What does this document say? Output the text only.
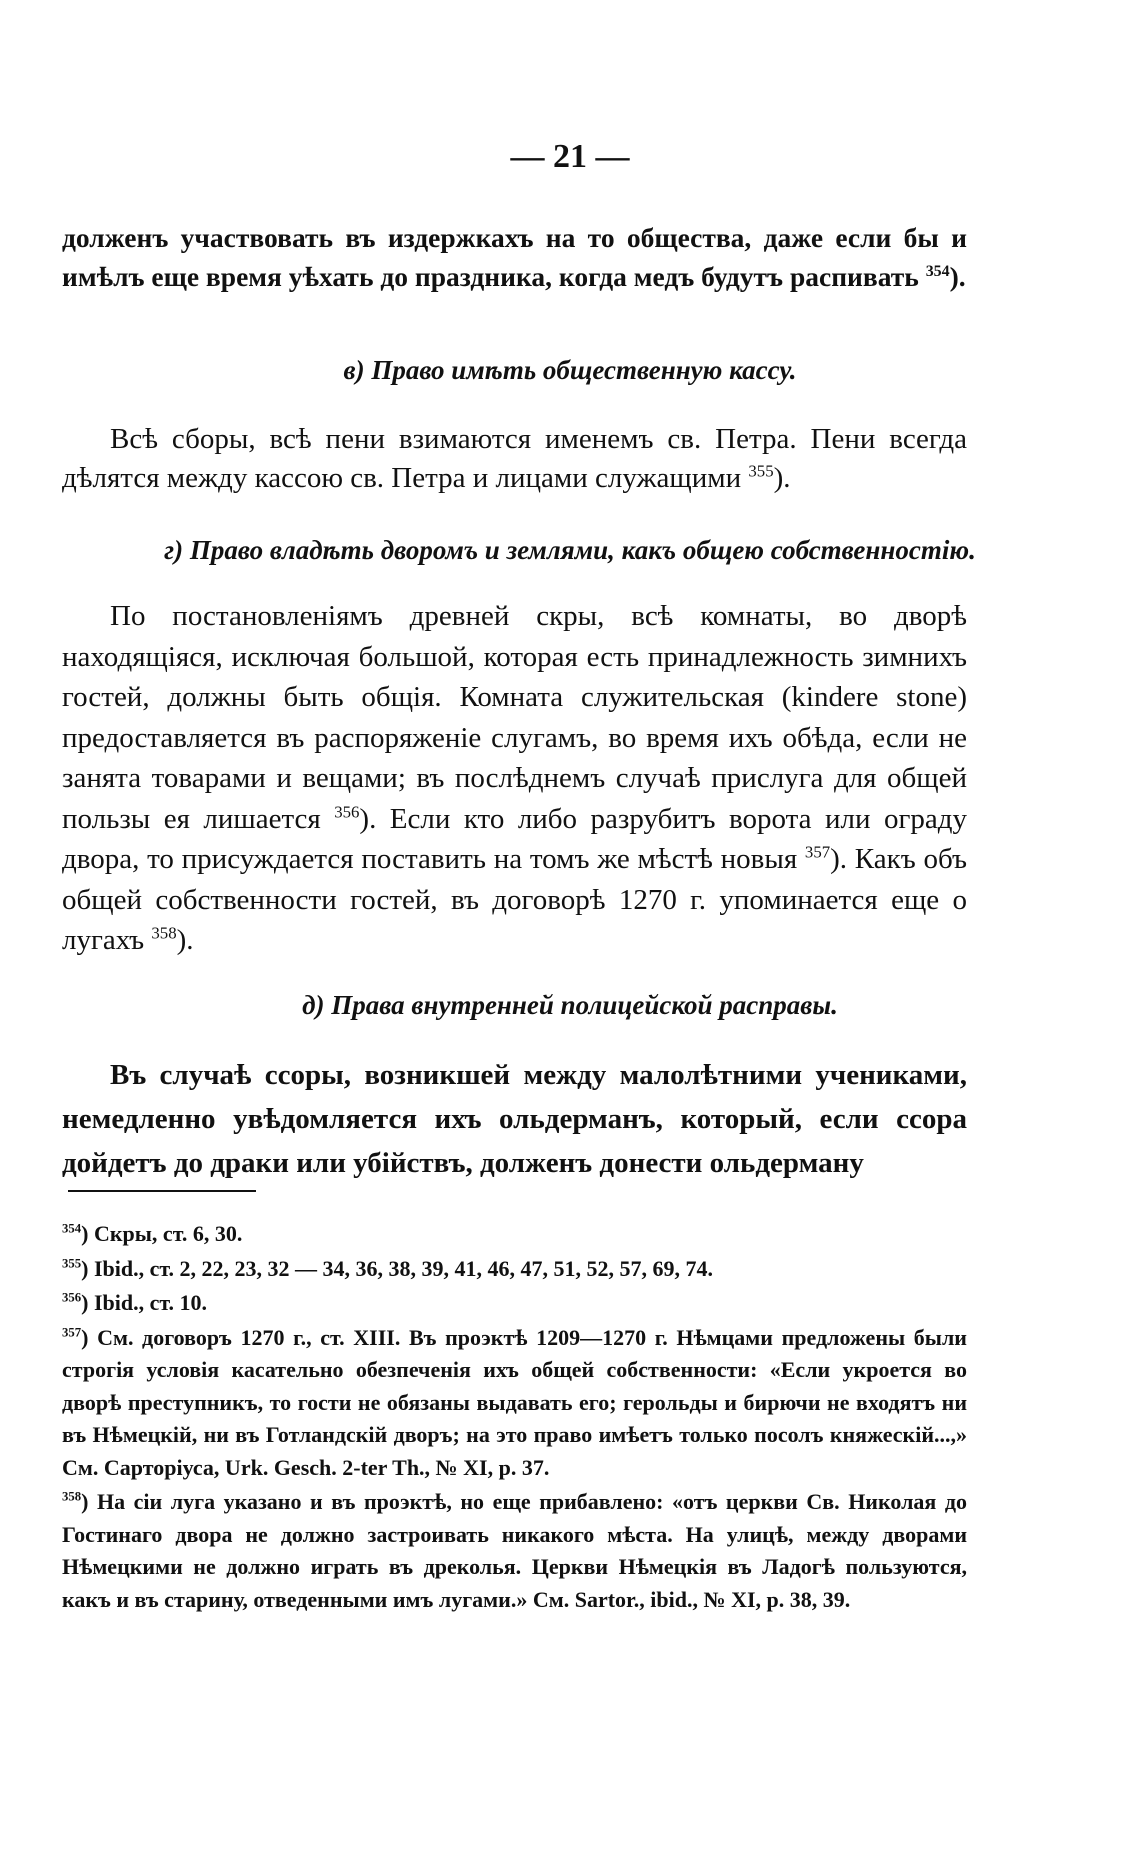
— 21 —

долженъ участвовать въ издержкахъ на то общества, даже если бы и имѣлъ еще время уѣхать до праздника, когда медъ будутъ распивать $^{354}$).

в) Право имѣть общественную кассу.

Всѣ сборы, всѣ пени взимаются именемъ св. Петра. Пени всегда дѣлятся между кассою св. Петра и лицами служащими $^{355}$).

г) Право владѣть дворомъ и землями, какъ общею собственностію.

По постановленіямъ древней скры, всѣ комнаты, во дворѣ находящіяся, исключая большой, которая есть принадлежность зимнихъ гостей, должны быть общія. Комната служительская (kindere stone) предоставляется въ распоряженіе слугамъ, во время ихъ обѣда, если не занята товарами и вещами; въ послѣднемъ случаѣ прислуга для общей пользы ея лишается $^{356}$). Если кто либо разрубитъ ворота или ограду двора, то присуждается поставить на томъ же мѣстѣ новыя $^{357}$). Какъ объ общей собственности гостей, въ договорѣ 1270 г. упоминается еще о лугахъ $^{358}$).

д) Права внутренней полицейской расправы.

Въ случаѣ ссоры, возникшей между малолѣтними учениками, немедленно увѣдомляется ихъ ольдерманъ, который, если ссора дойдетъ до драки или убійствъ, долженъ донести ольдерману

$^{354}$) Скры, ст. 6, 30.

$^{355}$) Ibid., ст. 2, 22, 23, 32 — 34, 36, 38, 39, 41, 46, 47, 51, 52, 57, 69, 74.

$^{356}$) Ibid., ст. 10.

$^{357}$) См. договоръ 1270 г., ст. XIII. Въ проэктѣ 1209—1270 г. Нѣмцами предложены были строгія условія касательно обезпеченія ихъ общей собственности: «Если укроется во дворѣ преступникъ, то гости не обязаны выдавать его; герольды и бирючи не входятъ ни въ Нѣмецкій, ни въ Готландскій дворъ; на это право имѣетъ только посолъ княжескій...,» См. Сарторіуса, Urk. Gesch. 2-ter Th., № XI, p. 37.

$^{358}$) На сіи луга указано и въ проэктѣ, но еще прибавлено: «отъ церкви Св. Николая до Гостинаго двора не должно застроивать никакого мѣста. На улицѣ, между дворами Нѣмецкими не должно играть въ дреколья. Церкви Нѣмецкія въ Ладогѣ пользуются, какъ и въ старину, отведенными имъ лугами.» См. Sartor., ibid., № XI, p. 38, 39.
